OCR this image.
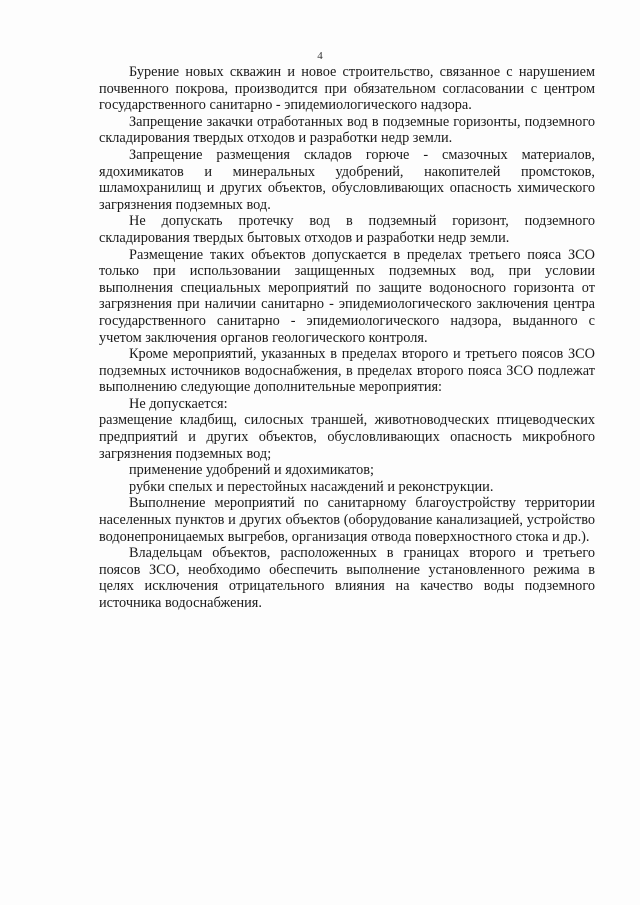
4

Бурение новых скважин и новое строительство, связанное с нарушением почвенного покрова, производится при обязательном согласовании с центром государственного санитарно - эпидемиологического надзора.

Запрещение закачки отработанных вод в подземные горизонты, подземного складирования твердых отходов и разработки недр земли.

Запрещение размещения складов горюче - смазочных материалов, ядохимикатов и минеральных удобрений, накопителей промстоков, шламохранилищ и других объектов, обусловливающих опасность химического загрязнения подземных вод.

Не допускать протечку вод в подземный горизонт, подземного складирования твердых бытовых отходов и разработки недр земли.

Размещение таких объектов допускается в пределах третьего пояса ЗСО только при использовании защищенных подземных вод, при условии выполнения специальных мероприятий по защите водоносного горизонта от загрязнения при наличии санитарно - эпидемиологического заключения центра государственного санитарно - эпидемиологического надзора, выданного с учетом заключения органов геологического контроля.

Кроме мероприятий, указанных в пределах второго и третьего поясов ЗСО подземных источников водоснабжения, в пределах второго пояса ЗСО подлежат выполнению следующие дополнительные мероприятия:

Не допускается:

размещение кладбищ, силосных траншей, животноводческих птицеводческих предприятий и других объектов, обусловливающих опасность микробного загрязнения подземных вод;

применение удобрений и ядохимикатов;

рубки спелых и перестойных насаждений и реконструкции.

Выполнение мероприятий по санитарному благоустройству территории населенных пунктов и других объектов (оборудование канализацией, устройство водонепроницаемых выгребов, организация отвода поверхностного стока и др.).

Владельцам объектов, расположенных в границах второго и третьего поясов ЗСО, необходимо обеспечить выполнение установленного режима в целях исключения отрицательного влияния на качество воды подземного источника водоснабжения.
